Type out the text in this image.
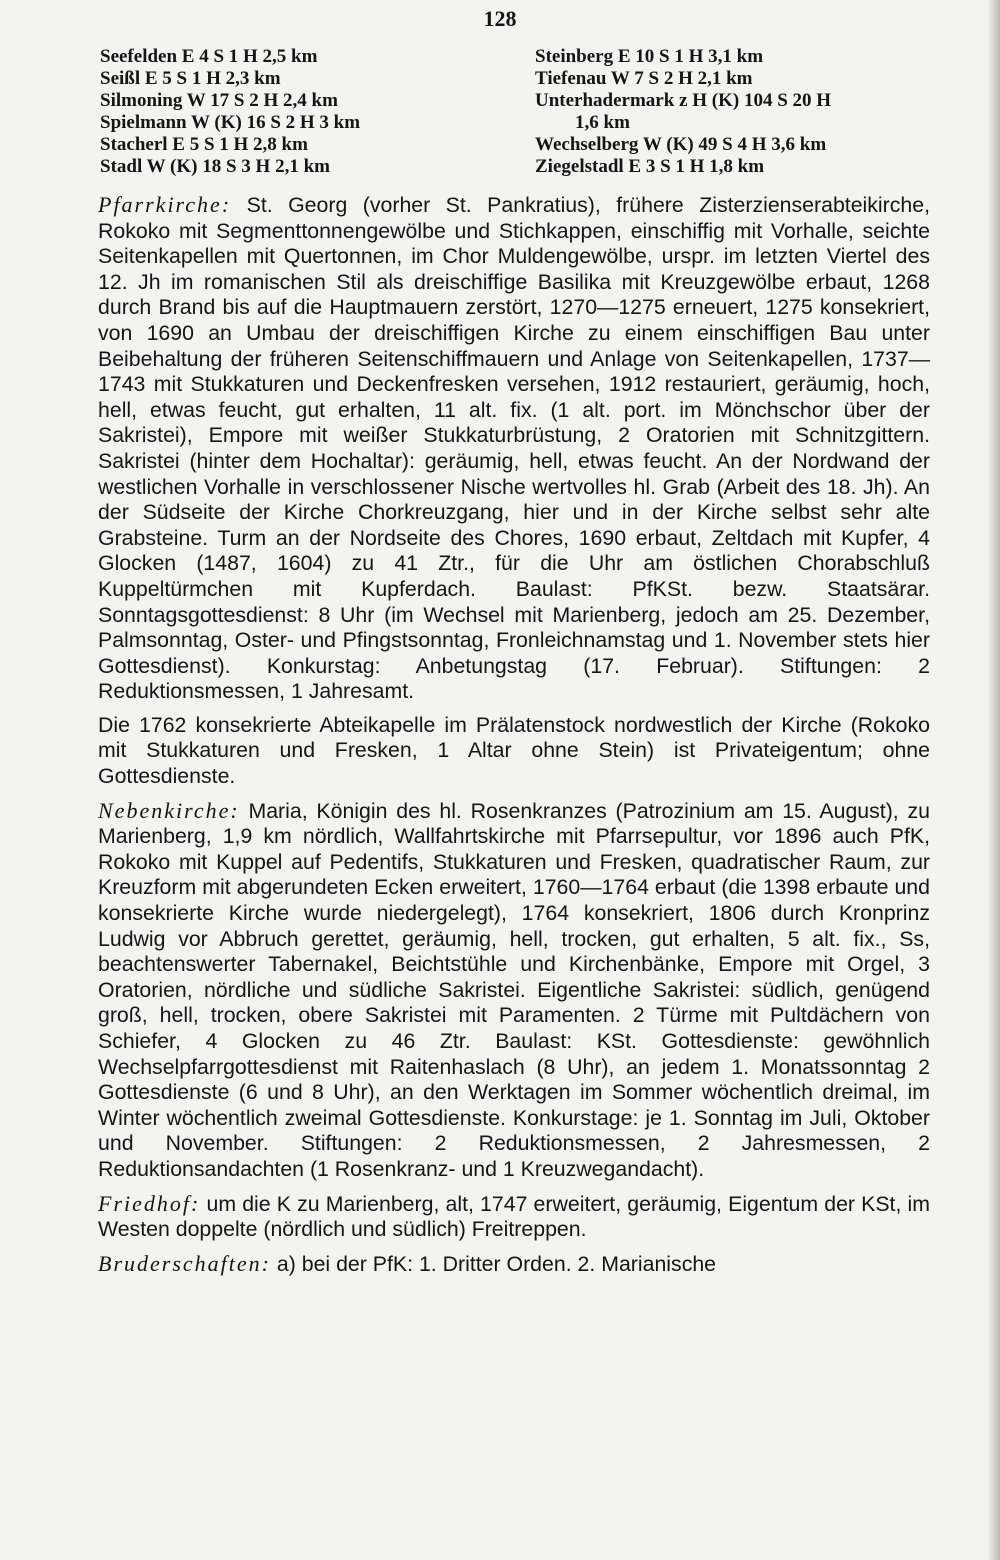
128
Seefelden E 4 S 1 H 2,5 km
Seißl E 5 S 1 H 2,3 km
Silmoning W 17 S 2 H 2,4 km
Spielmann W (K) 16 S 2 H 3 km
Stacherl E 5 S 1 H 2,8 km
Stadl W (K) 18 S 3 H 2,1 km
Steinberg E 10 S 1 H 3,1 km
Tiefenau W 7 S 2 H 2,1 km
Unterhadermark z H (K) 104 S 20 H
1,6 km
Wechselberg W (K) 49 S 4 H 3,6 km
Ziegelstadl E 3 S 1 H 1,8 km

Pfarrkirche: St. Georg (vorher St. Pankratius), frühere Zisterzienserabteikirche, Rokoko mit Segmenttonnengewölbe und Stichkappen, einschiffig mit Vorhalle, seichte Seitenkapellen mit Quertonnen, im Chor Muldengewölbe, urspr. im letzten Viertel des 12. Jh im romanischen Stil als dreischiffige Basilika mit Kreuzgewölbe erbaut, 1268 durch Brand bis auf die Hauptmauern zerstört, 1270—1275 erneuert, 1275 konsekriert, von 1690 an Umbau der dreischiffigen Kirche zu einem einschiffigen Bau unter Beibehaltung der früheren Seitenschiffmauern und Anlage von Seitenkapellen, 1737—1743 mit Stukkaturen und Deckenfresken versehen, 1912 restauriert, geräumig, hoch, hell, etwas feucht, gut erhalten, 11 alt. fix. (1 alt. port. im Mönchschor über der Sakristei), Empore mit weißer Stukkaturbrüstung, 2 Oratorien mit Schnitzgittern. Sakristei (hinter dem Hochaltar): geräumig, hell, etwas feucht. An der Nordwand der westlichen Vorhalle in verschlossener Nische wertvolles hl. Grab (Arbeit des 18. Jh). An der Südseite der Kirche Chorkreuzgang, hier und in der Kirche selbst sehr alte Grabsteine. Turm an der Nordseite des Chores, 1690 erbaut, Zeltdach mit Kupfer, 4 Glocken (1487, 1604) zu 41 Ztr., für die Uhr am östlichen Chorabschluß Kuppeltürmchen mit Kupferdach. Baulast: PfKSt. bezw. Staatsärar. Sonntagsgottesdienst: 8 Uhr (im Wechsel mit Marienberg, jedoch am 25. Dezember, Palmsonntag, Oster- und Pfingstsonntag, Fronleichnamstag und 1. November stets hier Gottesdienst). Konkurstag: Anbetungstag (17. Februar). Stiftungen: 2 Reduktionsmessen, 1 Jahresamt.

Die 1762 konsekrierte Abteikapelle im Prälatenstock nordwestlich der Kirche (Rokoko mit Stukkaturen und Fresken, 1 Altar ohne Stein) ist Privateigentum; ohne Gottesdienste.

Nebenkirche: Maria, Königin des hl. Rosenkranzes (Patrozinium am 15. August), zu Marienberg, 1,9 km nördlich, Wallfahrtskirche mit Pfarrsepultur, vor 1896 auch PfK, Rokoko mit Kuppel auf Pedentifs, Stukkaturen und Fresken, quadratischer Raum, zur Kreuzform mit abgerundeten Ecken erweitert, 1760—1764 erbaut (die 1398 erbaute und konsekrierte Kirche wurde niedergelegt), 1764 konsekriert, 1806 durch Kronprinz Ludwig vor Abbruch gerettet, geräumig, hell, trocken, gut erhalten, 5 alt. fix., Ss, beachtenswerter Tabernakel, Beichtstühle und Kirchenbänke, Empore mit Orgel, 3 Oratorien, nördliche und südliche Sakristei. Eigentliche Sakristei: südlich, genügend groß, hell, trocken, obere Sakristei mit Paramenten. 2 Türme mit Pultdächern von Schiefer, 4 Glocken zu 46 Ztr. Baulast: KSt. Gottesdienste: gewöhnlich Wechselpfarrgottesdienst mit Raitenhaslach (8 Uhr), an jedem 1. Monatssonntag 2 Gottesdienste (6 und 8 Uhr), an den Werktagen im Sommer wöchentlich dreimal, im Winter wöchentlich zweimal Gottesdienste. Konkurstage: je 1. Sonntag im Juli, Oktober und November. Stiftungen: 2 Reduktionsmessen, 2 Jahresmessen, 2 Reduktionsandachten (1 Rosenkranz- und 1 Kreuzwegandacht).

Friedhof: um die K zu Marienberg, alt, 1747 erweitert, geräumig, Eigentum der KSt, im Westen doppelte (nördlich und südlich) Freitreppen.

Bruderschaften: a) bei der PfK: 1. Dritter Orden. 2. Marianische
